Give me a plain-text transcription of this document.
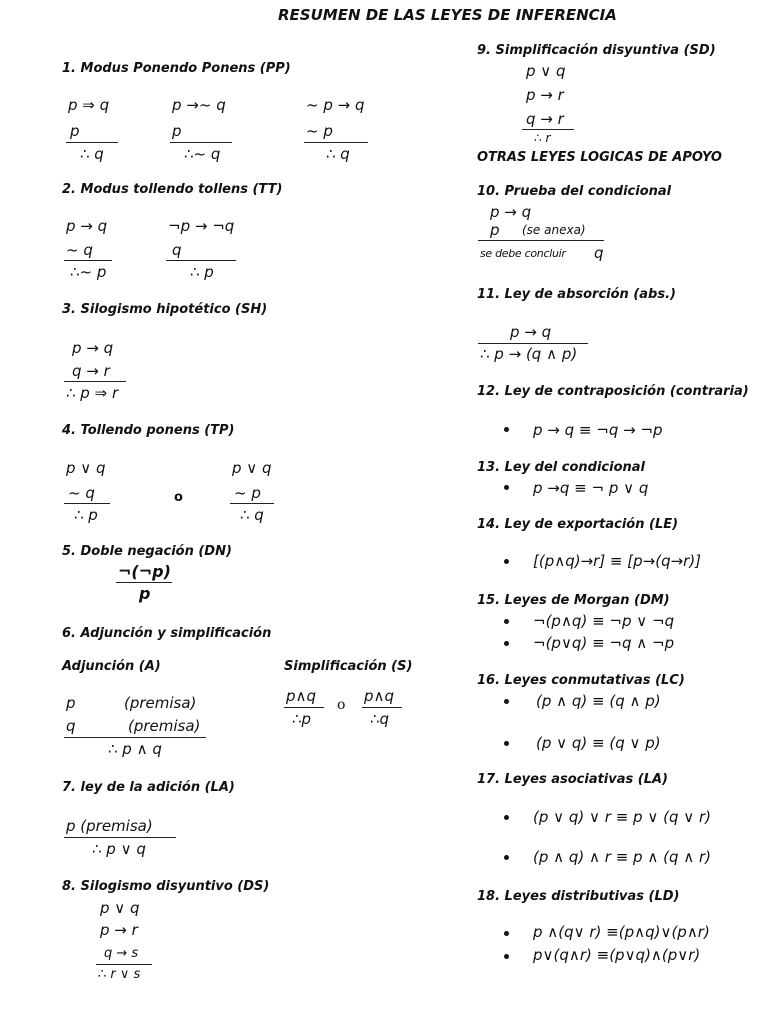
RESUMEN DE LAS LEYES DE INFERENCIA
1. Modus Ponendo Ponens (PP)
p ⇒ q
p
∴ q
p →~ q
p
∴~ q
~ p → q
~ p
∴ q
2. Modus tollendo tollens (TT)
p → q
~ q
∴~ p
¬p → ¬q
q
∴ p
3. Silogismo hipotético (SH)
p → q
q → r
∴ p ⇒ r
4. Tollendo ponens (TP)
p ∨ q
~ q
∴ p
o
p ∨ q
~ p
∴ q
5. Doble negación (DN)
¬(¬p)
p
6. Adjunción y simplificación
Adjunción (A)
p	(premisa)
q	(premisa)
∴ p ∧ q
Simplificación (S)
p∧q
∴p
o p∧q
∴q
7. ley de la adición (LA)
p (premisa)
∴ p ∨ q
8. Silogismo disyuntivo (DS)
p ∨ q
p → r
q → s
∴ r ∨ s
9. Simplificación disyuntiva (SD)
p ∨ q
p → r
q → r
∴ r
OTRAS LEYES LOGICAS DE APOYO
10. Prueba del condicional
p → q
p (se anexa)
se debe concluir q
11. Ley de absorción (abs.)
p → q
∴ p → (q ∧ p)
12. Ley de contraposición (contraria)
p → q ≡ ¬q → ¬p
13. Ley del condicional
p →q ≡ ¬ p ∨ q
14. Ley de exportación (LE)
[(p∧q)→r] ≡ [p→(q→r)]
15. Leyes de Morgan (DM)
¬(p∧q) ≡ ¬p ∨ ¬q
¬(p∨q) ≡ ¬q ∧ ¬p
16. Leyes conmutativas (LC)
(p ∧ q) ≡ (q ∧ p)
(p ∨ q) ≡ (q ∨ p)
17. Leyes asociativas (LA)
(p ∨ q) ∨ r ≡ p ∨ (q ∨ r)
(p ∧ q) ∧ r ≡ p ∧ (q ∧ r)
18. Leyes distributivas (LD)
p ∧(q∨ r) ≡(p∧q)∨(p∧r)
p∨(q∧r) ≡(p∨q)∧(p∨r)
